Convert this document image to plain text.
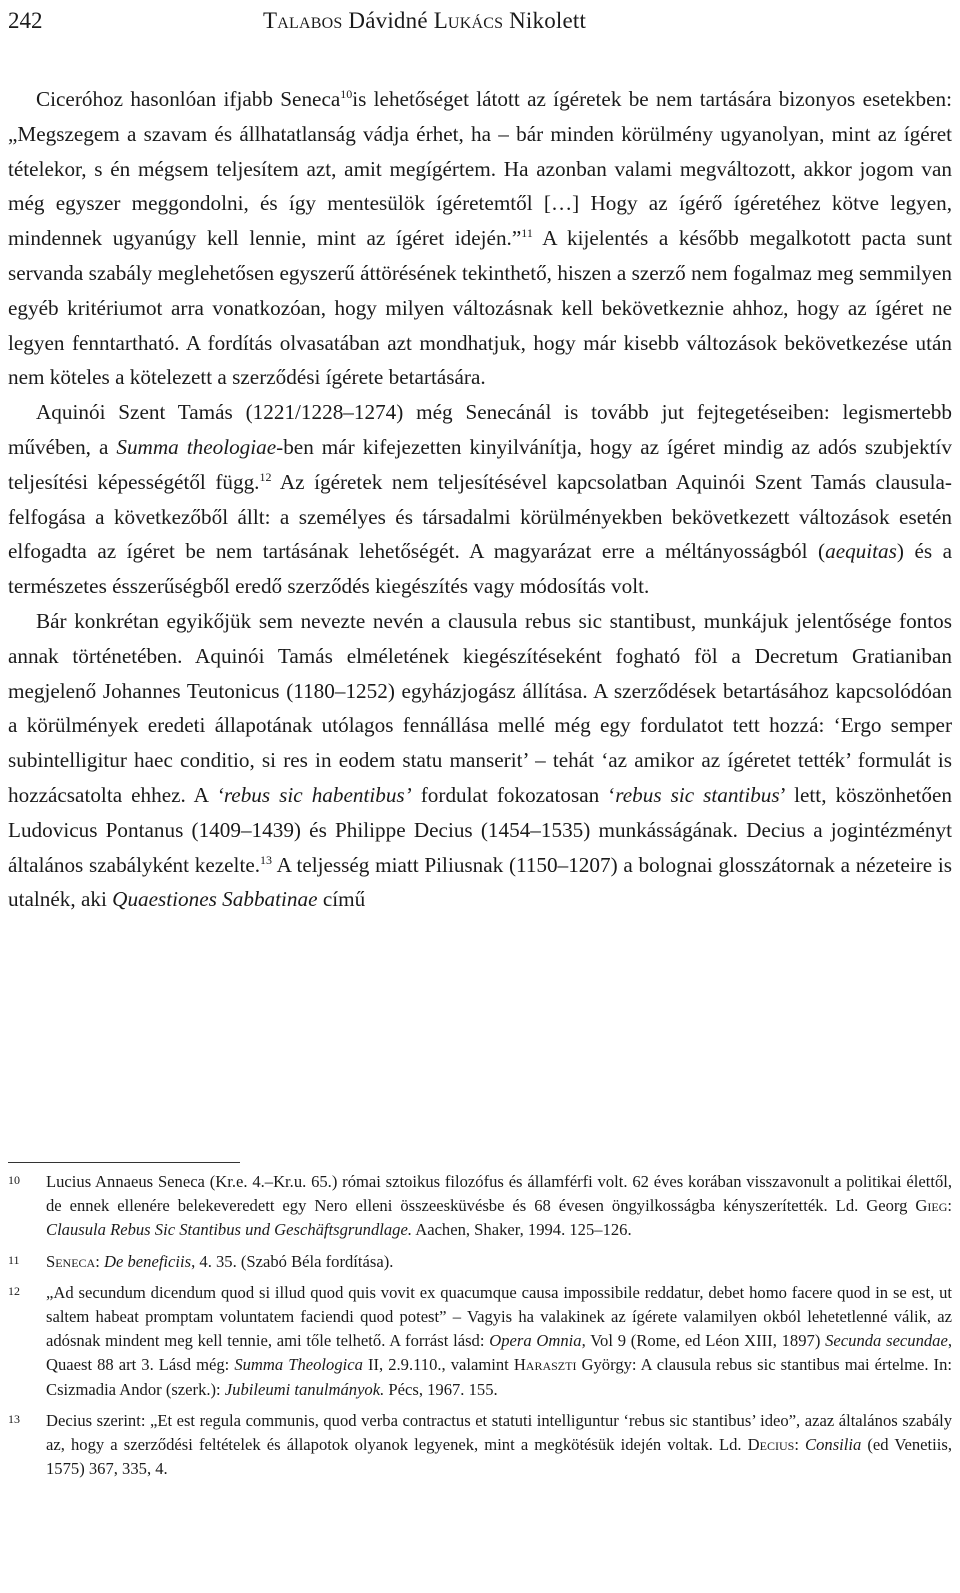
242	Talabos Dávidné Lukács Nikolett

Ciceróhoz hasonlóan ifjabb Seneca$^{10}$is lehetőséget látott az ígéretek be nem tartására bizonyos esetekben: „Megszegem a szavam és állhatatlanság vádja érhet, ha – bár minden körülmény ugyanolyan, mint az ígéret tételekor, s én mégsem teljesítem azt, amit megígértem. Ha azonban valami megváltozott, akkor jogom van még egyszer meggondolni, és így mentesülök ígéretemtől […] Hogy az ígérő ígéretéhez kötve legyen, mindennek ugyanúgy kell lennie, mint az ígéret idején.”$^{11}$ A kijelentés a később megalkotott pacta sunt servanda szabály meglehetősen egyszerű áttörésének tekinthető, hiszen a szerző nem fogalmaz meg semmilyen egyéb kritériumot arra vonatkozóan, hogy milyen változásnak kell bekövetkeznie ahhoz, hogy az ígéret ne legyen fenntartható. A fordítás olvasatában azt mondhatjuk, hogy már kisebb változások bekövetkezése után nem köteles a kötelezett a szerződési ígérete betartására.

Aquinói Szent Tamás (1221/1228–1274) még Senecánál is tovább jut fejtegetéseiben: legismertebb művében, a Summa theologiae-ben már kifejezetten kinyilvánítja, hogy az ígéret mindig az adós szubjektív teljesítési képességétől függ.$^{12}$ Az ígéretek nem teljesítésével kapcsolatban Aquinói Szent Tamás clausula-felfogása a következőből állt: a személyes és társadalmi körülményekben bekövetkezett változások esetén elfogadta az ígéret be nem tartásának lehetőségét. A magyarázat erre a méltányosságból (aequitas) és a természetes ésszerűségből eredő szerződés kiegészítés vagy módosítás volt.

Bár konkrétan egyikőjük sem nevezte nevén a clausula rebus sic stantibust, munkájuk jelentősége fontos annak történetében. Aquinói Tamás elméletének kiegészítéseként fogható föl a Decretum Gratianiban megjelenő Johannes Teutonicus (1180–1252) egyházjogász állítása. A szerződések betartásához kapcsolódóan a körülmények eredeti állapotának utólagos fennállása mellé még egy fordulatot tett hozzá: ‘Ergo semper subintelligitur haec conditio, si res in eodem statu manserit’ – tehát ‘az amikor az ígéretet tették’ formulát is hozzácsatolta ehhez. A ‘rebus sic habentibus’ fordulat fokozatosan ‘rebus sic stantibus’ lett, köszönhetően Ludovicus Pontanus (1409–1439) és Philippe Decius (1454–1535) munkásságának. Decius a jogintézményt általános szabályként kezelte.$^{13}$ A teljesség miatt Piliusnak (1150–1207) a bolognai glosszátornak a nézeteire is utalnék, aki Quaestiones Sabbatinae című

10 Lucius Annaeus Seneca (Kr.e. 4.–Kr.u. 65.) római sztoikus filozófus és államférfi volt. 62 éves korában visszavonult a politikai élettől, de ennek ellenére belekeveredett egy Nero elleni összeesküvésbe és 68 évesen öngyilkosságba kényszerítették. Ld. Georg Gieg: Clausula Rebus Sic Stantibus und Geschäftsgrundlage. Aachen, Shaker, 1994. 125–126.
11 Seneca: De beneficiis, 4. 35. (Szabó Béla fordítása).
12 „Ad secundum dicendum quod si illud quod quis vovit ex quacumque causa impossibile reddatur, debet homo facere quod in se est, ut saltem habeat promptam voluntatem faciendi quod potest” – Vagyis ha valakinek az ígérete valamilyen okból lehetetlenné válik, az adósnak mindent meg kell tennie, ami tőle telhető. A forrást lásd: Opera Omnia, Vol 9 (Rome, ed Léon XIII, 1897) Secunda secundae, Quaest 88 art 3. Lásd még: Summa Theologica II, 2.9.110., valamint Haraszti György: A clausula rebus sic stantibus mai értelme. In: Csizmadia Andor (szerk.): Jubileumi tanulmányok. Pécs, 1967. 155.
13 Decius szerint: „Et est regula communis, quod verba contractus et statuti intelliguntur ‘rebus sic stantibus’ ideo”, azaz általános szabály az, hogy a szerződési feltételek és állapotok olyanok legyenek, mint a megkötésük idején voltak. Ld. Decius: Consilia (ed Venetiis, 1575) 367, 335, 4.
